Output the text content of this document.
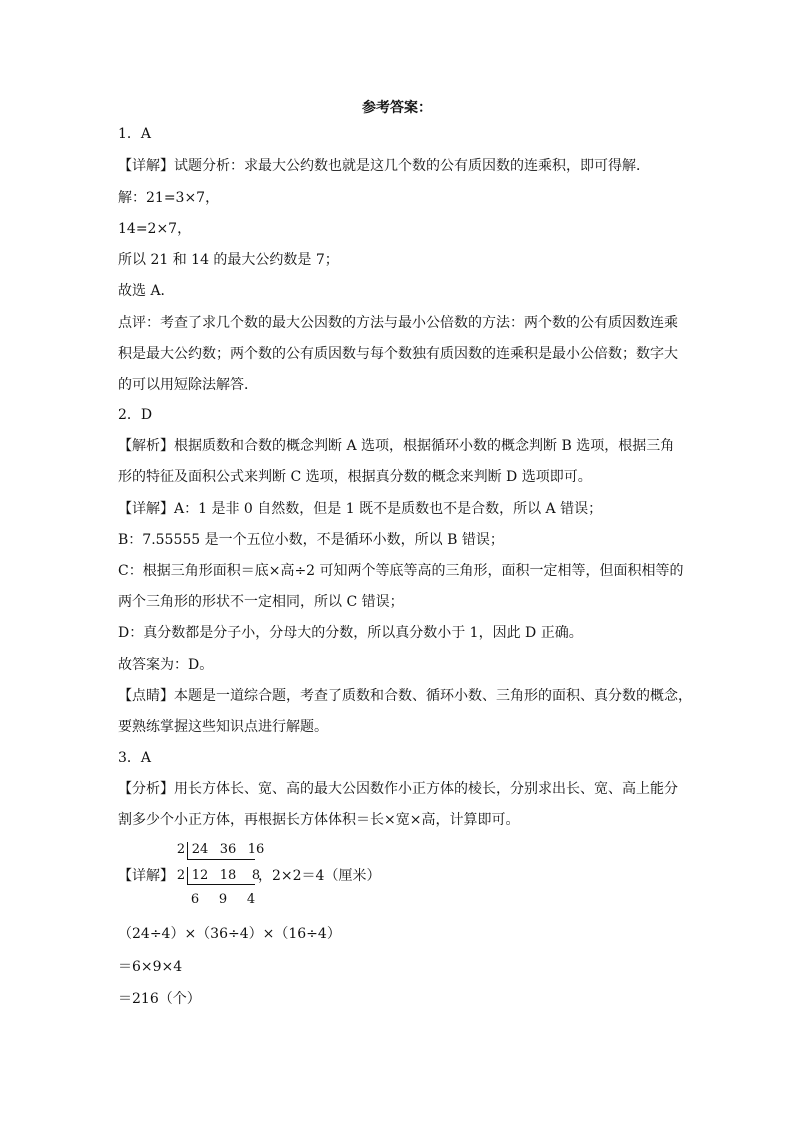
参考答案：
1．A
【详解】试题分析：求最大公约数也就是这几个数的公有质因数的连乘积，即可得解．
解：21=3×7，
14=2×7，
所以 21 和 14 的最大公约数是 7；
故选 A．
点评：考查了求几个数的最大公因数的方法与最小公倍数的方法：两个数的公有质因数连乘
积是最大公约数；两个数的公有质因数与每个数独有质因数的连乘积是最小公倍数；数字大
的可以用短除法解答．
2．D
【解析】根据质数和合数的概念判断 A 选项，根据循环小数的概念判断 B 选项，根据三角
形的特征及面积公式来判断 C 选项，根据真分数的概念来判断 D 选项即可。
【详解】A：1 是非 0 自然数，但是 1 既不是质数也不是合数，所以 A 错误；
B：7.55555 是一个五位小数，不是循环小数，所以 B 错误；
C：根据三角形面积＝底×高÷2 可知两个等底等高的三角形，面积一定相等，但面积相等的
两个三角形的形状不一定相同，所以 C 错误；
D：真分数都是分子小，分母大的分数，所以真分数小于 1，因此 D 正确。
故答案为：D。
【点睛】本题是一道综合题，考查了质数和合数、循环小数、三角形的面积、真分数的概念，
要熟练掌握这些知识点进行解题。
3．A
【分析】用长方体长、宽、高的最大公因数作小正方体的棱长，分别求出长、宽、高上能分
割多少个小正方体，再根据长方体体积＝长×宽×高，计算即可。
【详解】
2 24 36 16
2 12 18	8
6	9	4
，2×2＝4（厘米）
（24÷4）×（36÷4）×（16÷4）
＝6×9×4
＝216（个）
